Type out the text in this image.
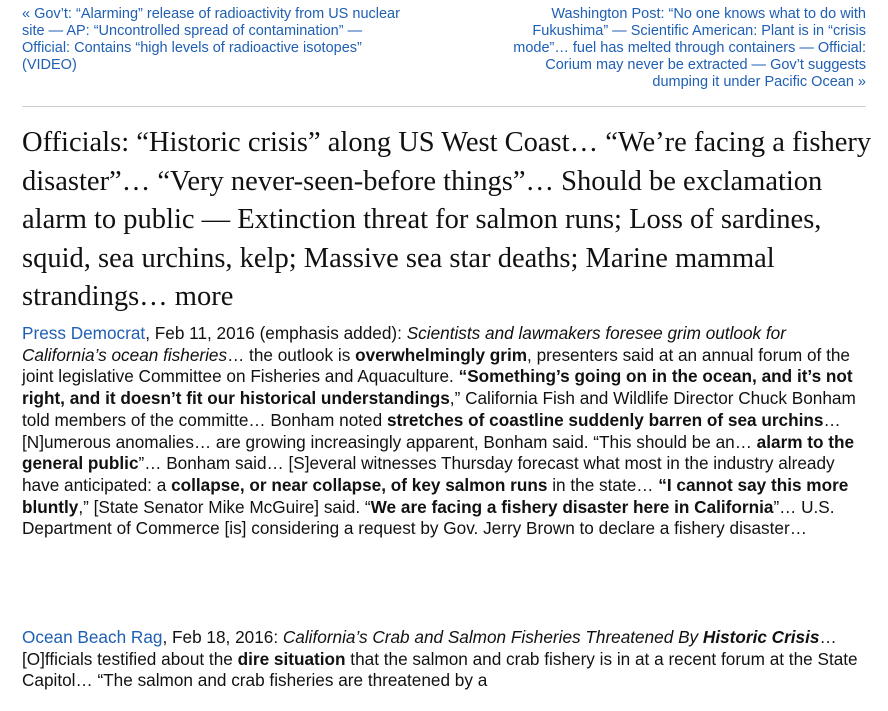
« Gov’t: “Alarming” release of radioactivity from US nuclear site — AP: “Uncontrolled spread of contamination” — Official: Contains “high levels of radioactive isotopes” (VIDEO)
Washington Post: “No one knows what to do with Fukushima” — Scientific American: Plant is in “crisis mode”… fuel has melted through containers — Official: Corium may never be extracted — Gov’t suggests dumping it under Pacific Ocean »
Officials: “Historic crisis” along US West Coast… “We’re facing a fishery disaster”… “Very never-seen-before things”… Should be exclamation alarm to public — Extinction threat for salmon runs; Loss of sardines, squid, sea urchins, kelp; Massive sea star deaths; Marine mammal strandings… more

Press Democrat, Feb 11, 2016 (emphasis added): Scientists and lawmakers foresee grim outlook for California’s ocean fisheries… the outlook is overwhelmingly grim, presenters said at an annual forum of the joint legislative Committee on Fisheries and Aquaculture. “Something’s going on in the ocean, and it’s not right, and it doesn’t fit our historical understandings,” California Fish and Wildlife Director Chuck Bonham told members of the committe… Bonham noted stretches of coastline suddenly barren of sea urchins… [N]umerous anomalies… are growing increasingly apparent, Bonham said. “This should be an… alarm to the general public”… Bonham said… [S]everal witnesses Thursday forecast what most in the industry already have anticipated: a collapse, or near collapse, of key salmon runs in the state… “I cannot say this more bluntly,” [State Senator Mike McGuire] said. “We are facing a fishery disaster here in California”… U.S. Department of Commerce [is] considering a request by Gov. Jerry Brown to declare a fishery disaster…

Ocean Beach Rag, Feb 18, 2016: California’s Crab and Salmon Fisheries Threatened By Historic Crisis… [O]fficials testified about the dire situation that the salmon and crab fishery is in at a recent forum at the State Capitol… “The salmon and crab fisheries are threatened by a
